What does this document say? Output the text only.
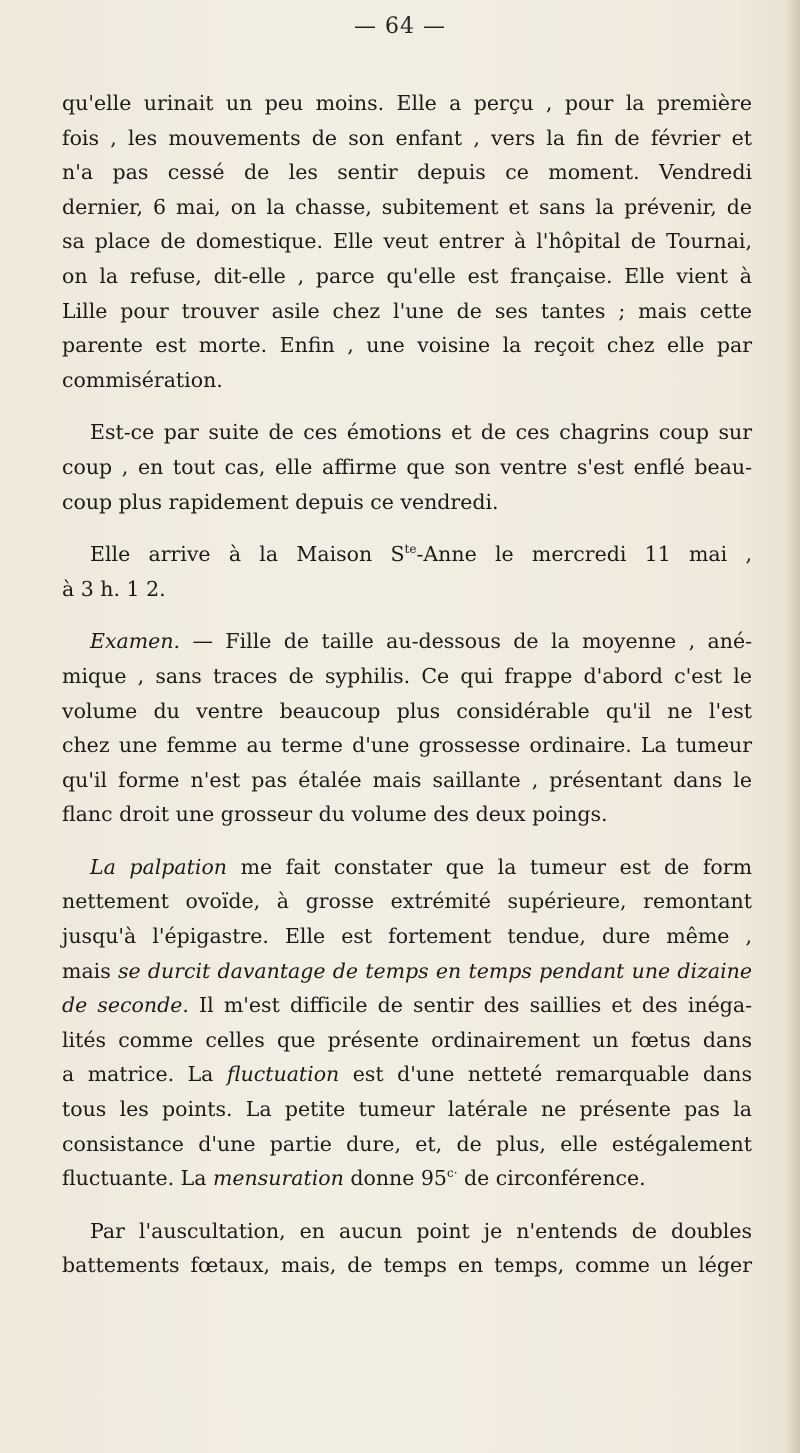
— 64 —

qu'elle urinait un peu moins. Elle a perçu , pour la première
fois , les mouvements de son enfant , vers la fin de février et
n'a pas cessé de les sentir depuis ce moment. Vendredi
dernier, 6 mai, on la chasse, subitement et sans la prévenir, de
sa place de domestique. Elle veut entrer à l'hôpital de Tournai,
on la refuse, dit-elle , parce qu'elle est française. Elle vient à
Lille pour trouver asile chez l'une de ses tantes ; mais cette
parente est morte. Enfin , une voisine la reçoit chez elle par
commisération.

Est-ce par suite de ces émotions et de ces chagrins coup sur
coup , en tout cas, elle affirme que son ventre s'est enflé beau-
coup plus rapidement depuis ce vendredi.

Elle arrive à la Maison $S^{te}$-Anne le mercredi 11 mai ,
à 3 h. 1 2.

Examen. — Fille de taille au-dessous de la moyenne , ané-
mique , sans traces de syphilis. Ce qui frappe d'abord c'est le
volume du ventre beaucoup plus considérable qu'il ne l'est
chez une femme au terme d'une grossesse ordinaire. La tumeur
qu'il forme n'est pas étalée mais saillante , présentant dans le
flanc droit une grosseur du volume des deux poings.

La palpation me fait constater que la tumeur est de form
nettement ovoïde, à grosse extrémité supérieure, remontant
jusqu'à l'épigastre. Elle est fortement tendue, dure même ,
mais se durcit davantage de temps en temps pendant une dizaine
de seconde. Il m'est difficile de sentir des saillies et des inéga-
lités comme celles que présente ordinairement un fœtus dans
a matrice. La fluctuation est d'une netteté remarquable dans
tous les points. La petite tumeur latérale ne présente pas la
consistance d'une partie dure, et, de plus, elle estégalement
fluctuante. La mensuration donne $95^{c\cdot}$ de circonférence.

Par l'auscultation, en aucun point je n'entends de doubles
battements fœtaux, mais, de temps en temps, comme un léger
